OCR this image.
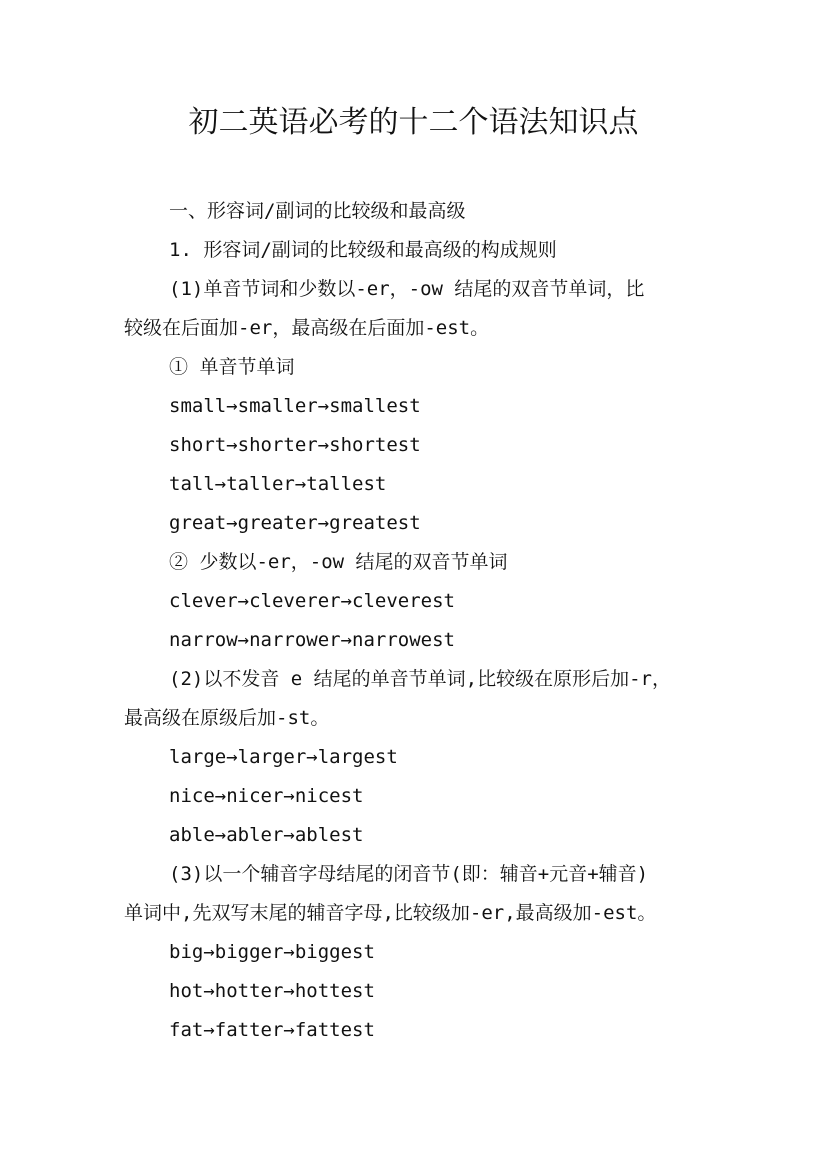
初二英语必考的十二个语法知识点
一、形容词/副词的比较级和最高级
1. 形容词/副词的比较级和最高级的构成规则
(1)单音节词和少数以-er，-ow 结尾的双音节单词，比
较级在后面加-er，最高级在后面加-est。
① 单音节单词
small→smaller→smallest
short→shorter→shortest
tall→taller→tallest
great→greater→greatest
② 少数以-er，-ow 结尾的双音节单词
clever→cleverer→cleverest
narrow→narrower→narrowest
(2)以不发音 e 结尾的单音节单词,比较级在原形后加-r，
最高级在原级后加-st。
large→larger→largest
nice→nicer→nicest
able→abler→ablest
(3)以一个辅音字母结尾的闭音节(即：辅音+元音+辅音)
单词中,先双写末尾的辅音字母,比较级加-er,最高级加-est。
big→bigger→biggest
hot→hotter→hottest
fat→fatter→fattest
